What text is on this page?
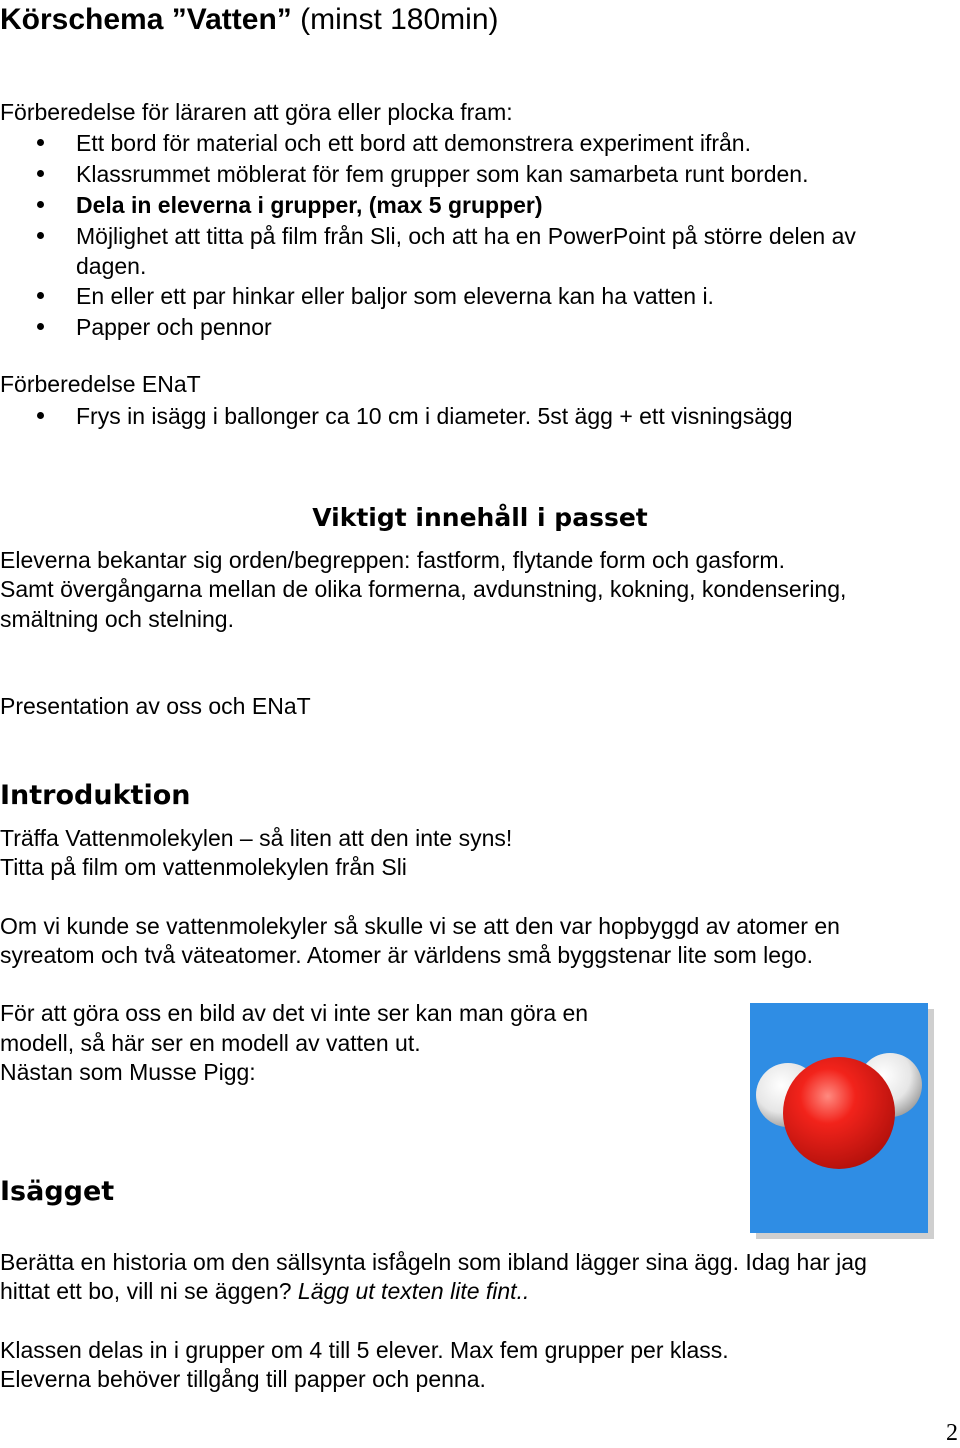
Körschema ”Vatten” (minst 180min)
Förberedelse för läraren att göra eller plocka fram:
Ett bord för material och ett bord att demonstrera experiment ifrån.
Klassrummet möblerat för fem grupper som kan samarbeta runt borden.
Dela in eleverna i grupper, (max 5 grupper)
Möjlighet att titta på film från Sli, och att ha en PowerPoint på större delen av
dagen.
En eller ett par hinkar eller baljor som eleverna kan ha vatten i.
Papper och pennor
Förberedelse ENaT
Frys in isägg i ballonger ca 10 cm i diameter. 5st ägg + ett visningsägg
Viktigt innehåll i passet
Eleverna bekantar sig orden/begreppen: fastform, flytande form och gasform.
Samt övergångarna mellan de olika formerna, avdunstning, kokning, kondensering,
smältning och stelning.
Presentation av oss och ENaT
Introduktion
Träffa Vattenmolekylen – så liten att den inte syns!
Titta på film om vattenmolekylen från Sli
Om vi kunde se vattenmolekyler så skulle vi se att den var hopbyggd av atomer en
syreatom och två väteatomer. Atomer är världens små byggstenar lite som lego.
För att göra oss en bild av det vi inte ser kan man göra en
modell, så här ser en modell av vatten ut.
Nästan som Musse Pigg:
Isägget
Berätta en historia om den sällsynta isfågeln som ibland lägger sina ägg. Idag har jag
hittat ett bo, vill ni se äggen? Lägg ut texten lite fint..
Klassen delas in i grupper om 4 till 5 elever. Max fem grupper per klass.
Eleverna behöver tillgång till papper och penna.
2
